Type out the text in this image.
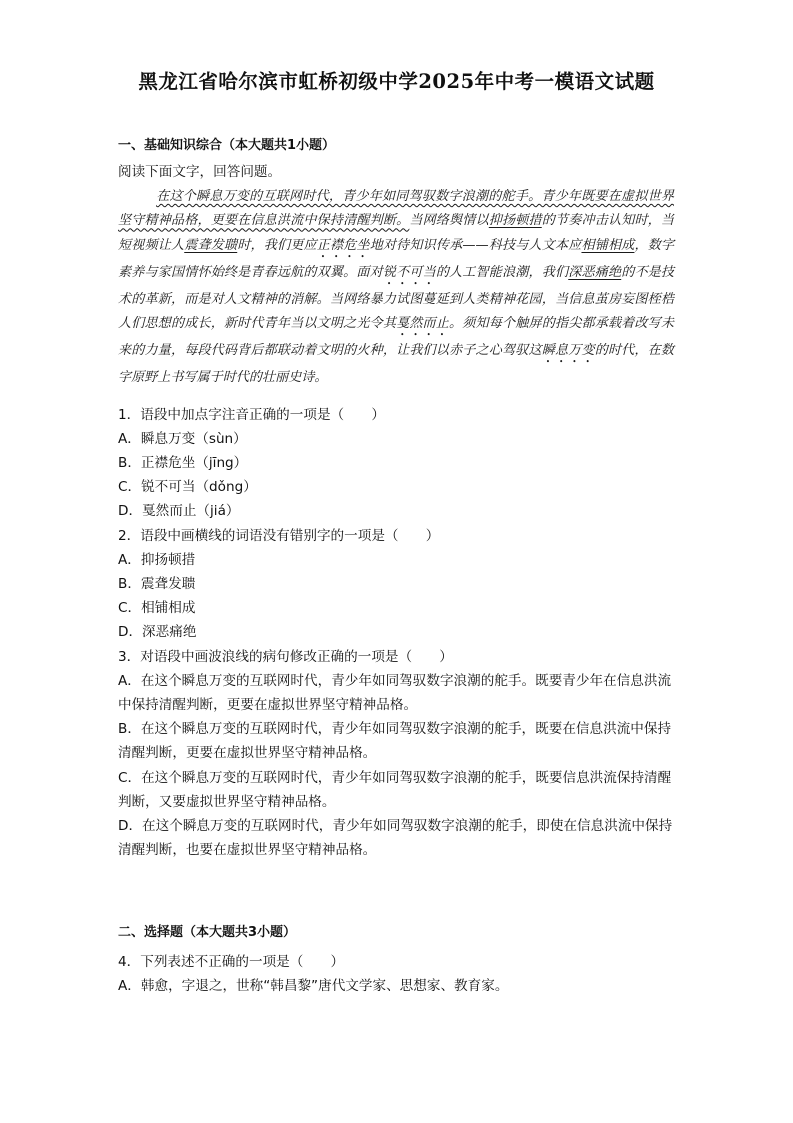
黑龙江省哈尔滨市虹桥初级中学2025年中考一模语文试题
一、基础知识综合（本大题共1小题）
阅读下面文字，回答问题。
在这个瞬息万变的互联网时代，青少年如同驾驭数字浪潮的舵手。青少年既要在虚拟世界坚守精神品格，更要在信息洪流中保持清醒判断。当网络舆情以抑扬顿措的节奏冲击认知时，当短视频让人震聋发聩时，我们更应正襟危坐地对待知识传承——科技与人文本应相铺相成，数字素养与家国情怀始终是青春远航的双翼。面对锐不可当的人工智能浪潮，我们深恶痛绝的不是技术的革新，而是对人文精神的消解。当网络暴力试图蔓延到人类精神花园，当信息茧房妄图桎梏人们思想的成长，新时代青年当以文明之光令其戛然而止。须知每个触屏的指尖都承载着改写未来的力量，每段代码背后都联动着文明的火种，让我们以赤子之心驾驭这瞬息万变的时代，在数字原野上书写属于时代的壮丽史诗。
1．语段中加点字注音正确的一项是（　　）
A．瞬息万变（sùn）
B．正襟危坐（jīng）
C．锐不可当（dǒng）
D．戛然而止（jiá）
2．语段中画横线的词语没有错别字的一项是（　　）
A．抑扬顿措
B．震聋发聩
C．相铺相成
D．深恶痛绝
3．对语段中画波浪线的病句修改正确的一项是（　　）
A．在这个瞬息万变的互联网时代，青少年如同驾驭数字浪潮的舵手。既要青少年在信息洪流中保持清醒判断，更要在虚拟世界坚守精神品格。
B．在这个瞬息万变的互联网时代，青少年如同驾驭数字浪潮的舵手，既要在信息洪流中保持清醒判断，更要在虚拟世界坚守精神品格。
C．在这个瞬息万变的互联网时代，青少年如同驾驭数字浪潮的舵手，既要信息洪流保持清醒判断，又要虚拟世界坚守精神品格。
D．在这个瞬息万变的互联网时代，青少年如同驾驭数字浪潮的舵手，即使在信息洪流中保持清醒判断，也要在虚拟世界坚守精神品格。
二、选择题（本大题共3小题）
4．下列表述不正确的一项是（　　）
A．韩愈，字退之，世称“韩昌黎”唐代文学家、思想家、教育家。
